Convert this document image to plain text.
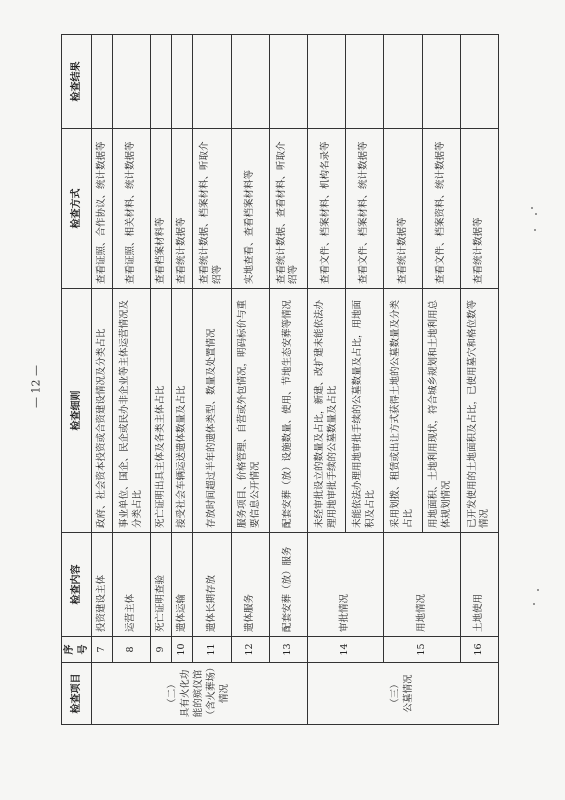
检查项目	序号	检查内容	检查细则	检查方式	检查结果
（二）
具有火化功能的殡仪馆（含火葬场）情况	7	投资建设主体	政府、社会资本投资或合资建设情况及分类占比	查看证照、合作协议、统计数据等	
	8	运营主体	事业单位、国企、民企或民办非企业等主体运营情况及分类占比	查看证照、相关材料、统计数据等	
	9	死亡证明查验	死亡证明出具主体及各类主体占比	查看档案材料等	
	10	遗体运输	接受社会车辆运送遗体数量及占比	查看统计数据等	
	11	遗体长期存放	存放时间超过半年的遗体类型、数量及处置情况	查看统计数据、档案材料、听取介绍等	
	12	遗体服务	服务项目、价格管理、自营或外包情况，明码标价与重要信息公开情况	实地查看、查看档案材料等	
	13	配套安葬（放）服务	配套安葬（放）设施数量、使用、节地生态安葬等情况	查看统计数据、查看材料、听取介绍等	
（三）
公墓情况	14	审批情况	未经审批设立的数量及占比，新建、改扩建未能依法办理用地审批手续的公墓数量及占比	查看文件、档案材料、机构名录等	
			未能依法办理用地审批手续的公墓数量及占比，用地面积及占比	查看文件、档案材料、统计数据等	
	15	用地情况	采用划拨、租赁或出让方式获得土地的公墓数量及分类占比	查看统计数据等	
			用地面积、土地利用现状，符合城乡规划和土地利用总体规划情况	查看文件、档案资料、统计数据等	
	16	土地使用	已开发使用的土地面积及占比，已使用墓穴和格位数等情况	查看统计数据等	
— 12 —
